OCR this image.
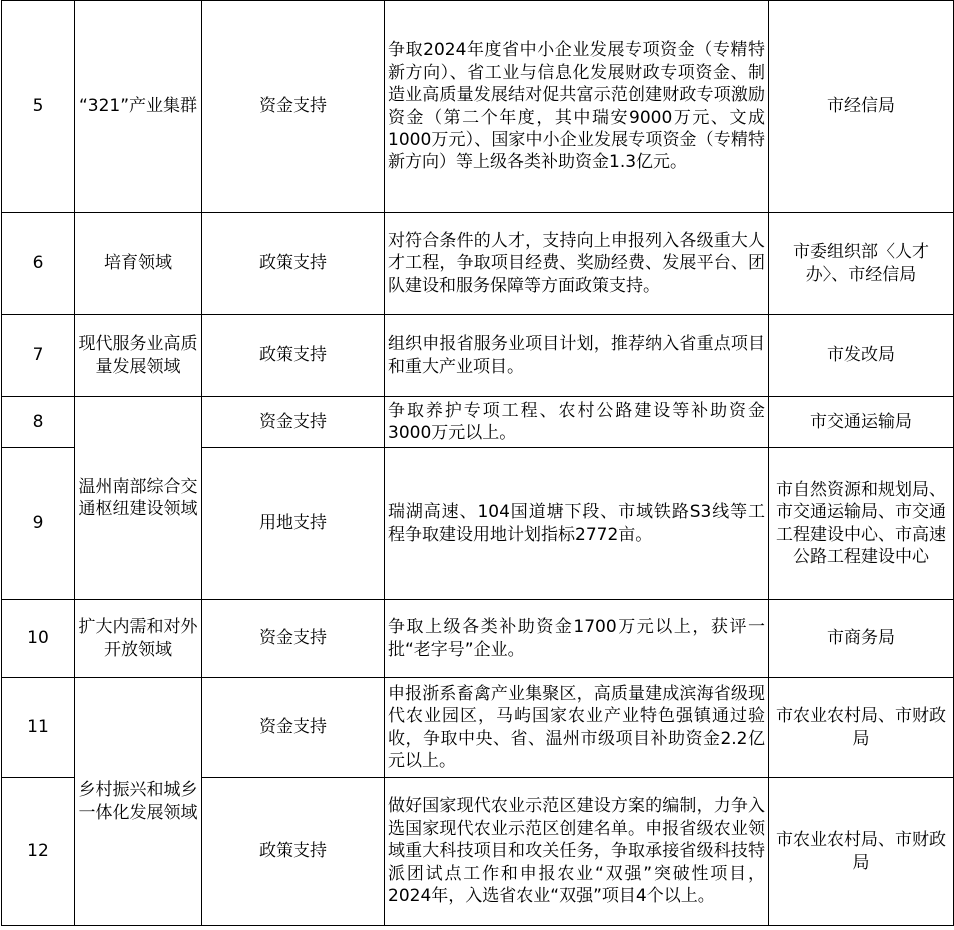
5	“321”产业集群	资金支持	争取2024年度省中小企业发展专项资金（专精特新方向）、省工业与信息化发展财政专项资金、制造业高质量发展结对促共富示范创建财政专项激励资金（第二个年度，其中瑞安9000万元、文成1000万元）、国家中小企业发展专项资金（专精特新方向）等上级各类补助资金1.3亿元。	市经信局
6	培育领域	政策支持	对符合条件的人才，支持向上申报列入各级重大人才工程，争取项目经费、奖励经费、发展平台、团队建设和服务保障等方面政策支持。	市委组织部〈人才办〉、市经信局
7	现代服务业高质量发展领域	政策支持	组织申报省服务业项目计划，推荐纳入省重点项目和重大产业项目。	市发改局
8	温州南部综合交通枢纽建设领域	资金支持	争取养护专项工程、农村公路建设等补助资金3000万元以上。	市交通运输局
9		用地支持	瑞湖高速、104国道塘下段、市域铁路S3线等工程争取建设用地计划指标2772亩。	市自然资源和规划局、市交通运输局、市交通工程建设中心、市高速公路工程建设中心
10	扩大内需和对外开放领域	资金支持	争取上级各类补助资金1700万元以上，获评一批“老字号”企业。	市商务局
11	乡村振兴和城乡一体化发展领域	资金支持	申报浙系畜禽产业集聚区，高质量建成滨海省级现代农业园区，马屿国家农业产业特色强镇通过验收，争取中央、省、温州市级项目补助资金2.2亿元以上。	市农业农村局、市财政局
12		政策支持	做好国家现代农业示范区建设方案的编制，力争入选国家现代农业示范区创建名单。申报省级农业领域重大科技项目和攻关任务，争取承接省级科技特派团试点工作和申报农业“双强”突破性项目，2024年，入选省农业“双强”项目4个以上。	市农业农村局、市财政局
